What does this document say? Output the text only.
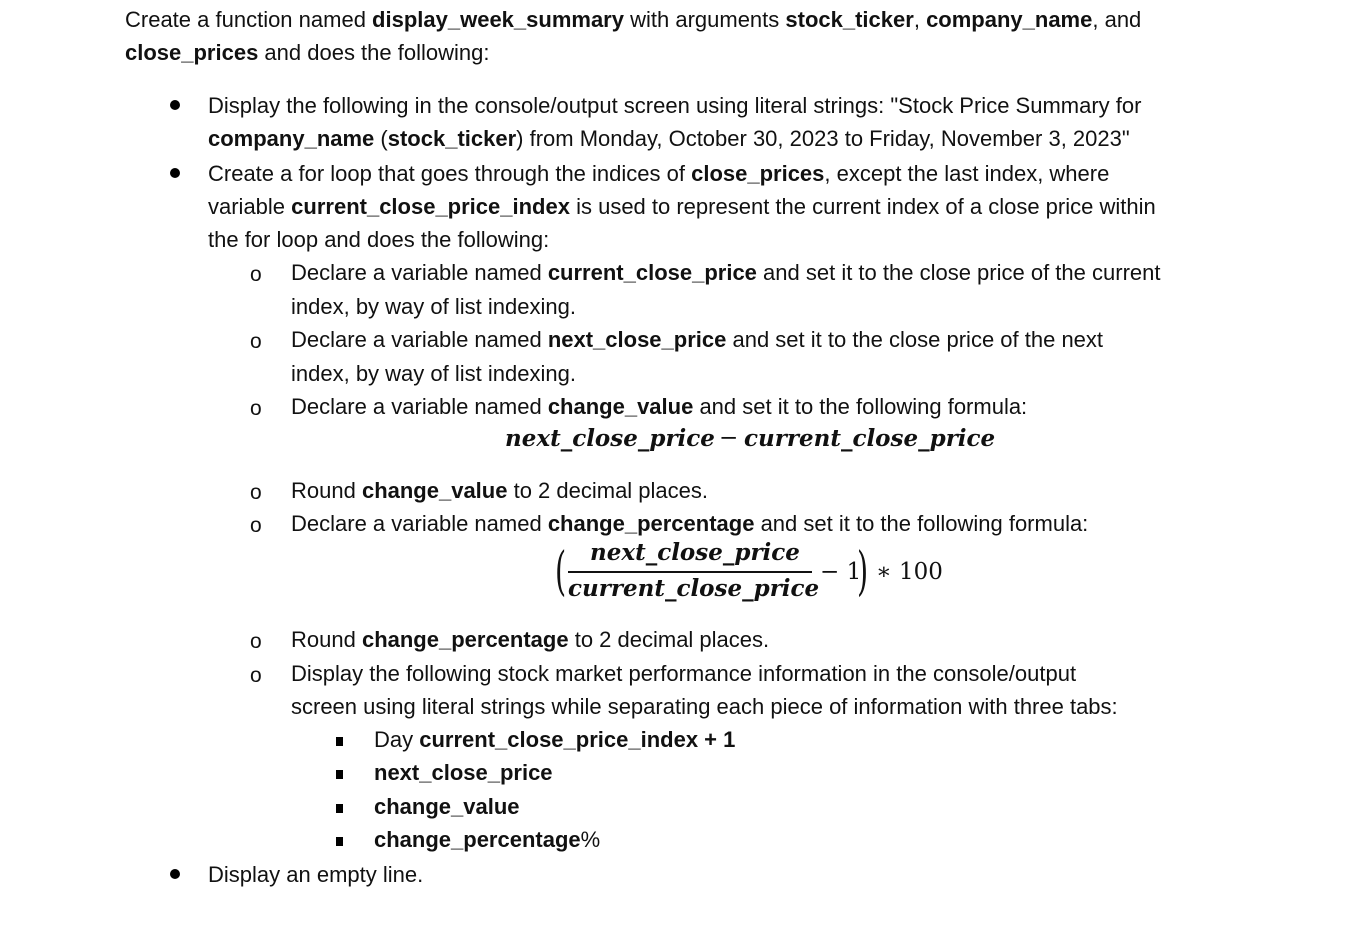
Create a function named display_week_summary with arguments stock_ticker, company_name, and
close_prices and does the following:
Display the following in the console/output screen using literal strings: "Stock Price Summary for
company_name (stock_ticker) from Monday, October 30, 2023 to Friday, November 3, 2023"
Create a for loop that goes through the indices of close_prices, except the last index, where
variable current_close_price_index is used to represent the current index of a close price within
the for loop and does the following:
o Declare a variable named current_close_price and set it to the close price of the current
index, by way of list indexing.
o Declare a variable named next_close_price and set it to the close price of the next
index, by way of list indexing.
o Declare a variable named change_value and set it to the following formula:
next_close_price − current_close_price
o Round change_value to 2 decimal places.
o Declare a variable named change_percentage and set it to the following formula:
( next_close_price
current_close_price
− 1
) ∗ 100
o Round change_percentage to 2 decimal places.
o Display the following stock market performance information in the console/output
screen using literal strings while separating each piece of information with three tabs:
Day current_close_price_index + 1
next_close_price
change_value
change_percentage%
Display an empty line.
